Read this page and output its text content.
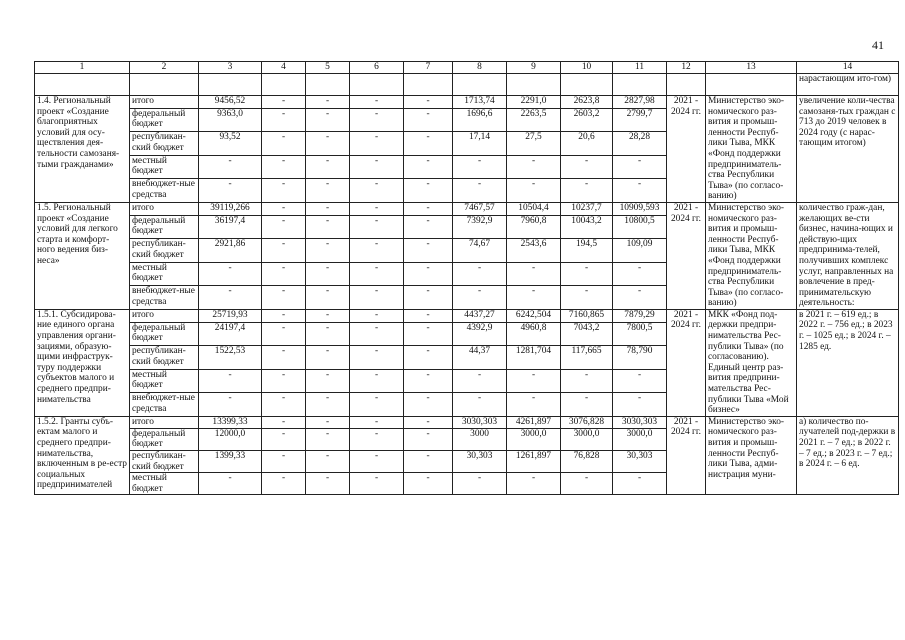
41
1	2	3	4	5	6	7	8	9	10	11	12	13	14
													нарастающим ито-гом)
1.4. Региональный проект «Создание благоприятных условий для осу-ществления дея-тельности самозаня-тыми гражданами»	итого	9456,52	-	-	-	-	1713,74	2291,0	2623,8	2827,98	2021 - 2024 гг.	Министерство эко-номического раз-вития и промыш-ленности Респуб-лики Тыва, МКК «Фонд поддержки предприниматель-ства Республики Тыва» (по согласо-ванию)	увеличение коли-чества самозаня-тых граждан с 713 до 2019 человек в 2024 году (с нарас-тающим итогом)
	федеральный бюджет	9363,0	-	-	-	-	1696,6	2263,5	2603,2	2799,7			
	республикан-ский бюджет	93,52	-	-	-	-	17,14	27,5	20,6	28,28			
	местный бюджет	-	-	-	-	-	-	-	-	-			
	внебюджет-ные средства	-	-	-	-	-	-	-	-	-			
1.5. Региональный проект «Создание условий для легкого старта и комфорт-ного ведения биз-неса»	итого	39119,266	-	-	-	-	7467,57	10504,4	10237,7	10909,593	2021 - 2024 гг.	Министерство эко-номического раз-вития и промыш-ленности Респуб-лики Тыва, МКК «Фонд поддержки предприниматель-ства Республики Тыва» (по согласо-ванию)	количество граж-дан, желающих ве-сти бизнес, начина-ющих и действую-щих предпринима-телей, получивших комплекс услуг, направленных на вовлечение в пред-принимательскую деятельность:
	федеральный бюджет	36197,4	-	-	-	-	7392,9	7960,8	10043,2	10800,5			
	республикан-ский бюджет	2921,86	-	-	-	-	74,67	2543,6	194,5	109,09			
	местный бюджет	-	-	-	-	-	-	-	-	-			
	внебюджет-ные средства	-	-	-	-	-	-	-	-	-			
1.5.1. Субсидирова-ние единого органа управления органи-зациями, образую-щими инфраструк-туру поддержки субъектов малого и среднего предпри-нимательства	итого	25719,93	-	-	-	-	4437,27	6242,504	7160,865	7879,29	2021 - 2024 гг.	МКК «Фонд под-держки предпри-нимательства Рес-публики Тыва» (по согласованию). Единый центр раз-вития предприни-мательства Рес-публики Тыва «Мой бизнес»	в 2021 г. – 619 ед.; в 2022 г. – 756 ед.; в 2023 г. – 1025 ед.; в 2024 г. – 1285 ед.
	федеральный бюджет	24197,4	-	-	-	-	4392,9	4960,8	7043,2	7800,5			
	республикан-ский бюджет	1522,53	-	-	-	-	44,37	1281,704	117,665	78,790			
	местный бюджет	-	-	-	-	-	-	-	-	-			
	внебюджет-ные средства	-	-	-	-	-	-	-	-	-			
1.5.2. Гранты субъ-ектам малого и среднего предпри-нимательства, включенным в ре-естр социальных предпринимателей	итого	13399,33	-	-	-	-	3030,303	4261,897	3076,828	3030,303	2021 - 2024 гг.	Министерство эко-номического раз-вития и промыш-ленности Респуб-лики Тыва, адми-нистрация муни-	а) количество по-лучателей под-держки в 2021 г. – 7 ед.; в 2022 г. – 7 ед.; в 2023 г. – 7 ед.; в 2024 г. – 6 ед.
	федеральный бюджет	12000,0	-	-	-	-	3000	3000,0	3000,0	3000,0			
	республикан-ский бюджет	1399,33	-	-	-	-	30,303	1261,897	76,828	30,303			
	местный бюджет	-	-	-	-	-	-	-	-	-			
